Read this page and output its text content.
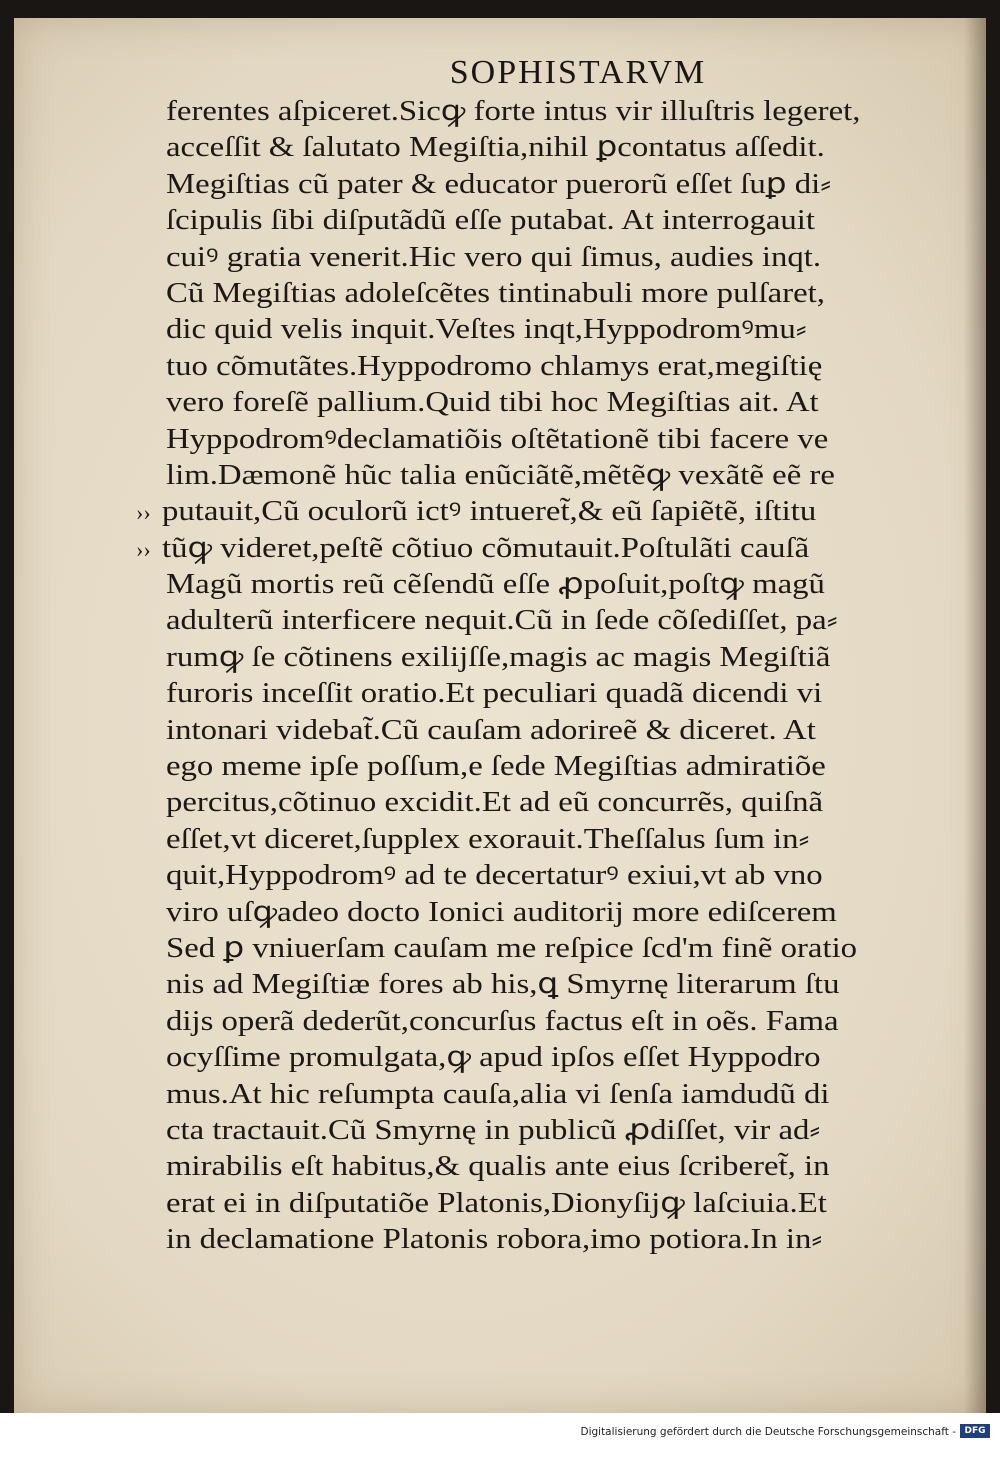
SOPHISTARVM
ferentes aſpiceret.Sicꝙ forte intus vir illuſtris legeret,
acceſſit & ſalutato Megiſtia,nihil ꝑcontatus aſſedit.
Megiſtias cũ pater & educator puerorũ eſſet ſuꝑ di⸗
ſcipulis ſibi diſputãdũ eſſe putabat. At interrogauit
cuiꝰ gratia venerit.Hic vero qui ſimus, audies inqt.
Cũ Megiſtias adoleſcẽtes tintinabuli more pulſaret,
dic quid velis inquit.Veſtes inqt,Hyppodromꝰmu⸗
tuo cõmutãtes.Hyppodromo chlamys erat,megiſtię
vero foreſẽ pallium.Quid tibi hoc Megiſtias ait. At
Hyppodromꝰdeclamatiõis oſtẽtationẽ tibi facere ve
lim.Dæmonẽ hũc talia enũciãtẽ,mẽtẽꝙ vexãtẽ eẽ re
›› putauit,Cũ oculorũ ictꝰ intueret̃,& eũ ſapiẽtẽ, iſtitu
›› tũꝙ videret,peſtẽ cõtiuo cõmutauit.Poſtulãti cauſã
Magũ mortis reũ cẽſendũ eſſe ꝓpoſuit,poſtꝙ magũ
adulterũ interficere nequit.Cũ in ſede cõſediſſet, pa⸗
rumꝙ ſe cõtinens exiliјſſe,magis ac magis Megiſtiã
furoris inceſſit oratio.Et peculiari quadã dicendi vi
intonari videbat̃.Cũ cauſam adorireẽ & diceret. At
ego meme ipſe poſſum,e ſede Megiſtias admiratiõe
percitus,cõtinuo excidit.Et ad eũ concurrẽs, quiſnã
eſſet,vt diceret,ſupplex exorauit.Theſſalus ſum in⸗
quit,Hyppodromꝰ ad te decertaturꝰ exiui,vt ab vno
viro uſꝙadeo docto Ionici auditoriј more ediſcerem
Sed ꝑ vniuerſam cauſam me reſpice ſcd'm finẽ oratio
nis ad Megiſtiæ fores ab his,ꝗ Smyrnę literarum ſtu
diјs operã dederũt,concurſus factus eſt in oẽs. Fama
ocyſſime promulgata,ꝙ apud ipſos eſſet Hyppodro
mus.At hic reſumpta cauſa,alia vi ſenſa iamdudũ di
cta tractauit.Cũ Smyrnę in publicũ ꝓdiſſet, vir ad⸗
mirabilis eſt habitus,& qualis ante eius ſcriberet̃, in
erat ei in diſputatiõe Platonis,Dionyſiјꝙ laſciuia.Et
in declamatione Platonis robora,imo potiora.In in⸗
Digitalisierung gefördert durch die Deutsche Forschungsgemeinschaft - DFG
